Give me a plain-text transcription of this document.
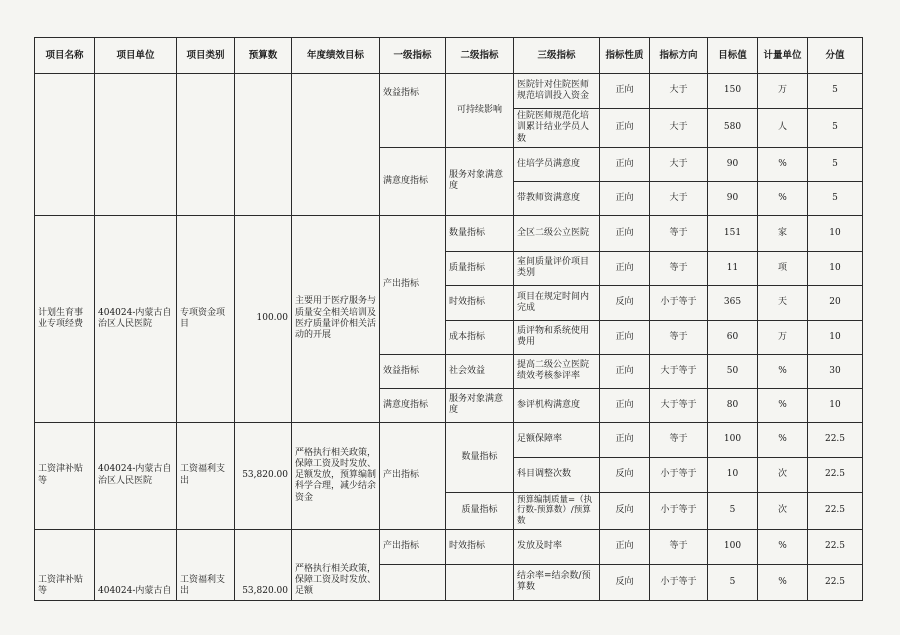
项目名称	项目单位	项目类别	预算数	年度绩效目标	一级指标	二级指标	三级指标	指标性质	指标方向	目标值	计量单位	分值
					效益指标	可持续影响	医院针对住院医师规范培训投入资金	正向	大于	150	万	5
							住院医师规范化培训累计结业学员人数	正向	大于	580	人	5
					满意度指标	服务对象满意度	住培学员满意度	正向	大于	90	%	5
							带教师资满意度	正向	大于	90	%	5
计划生育事业专项经费	404024-内蒙古自治区人民医院	专项资金项目	100.00	主要用于医疗服务与质量安全相关培训及医疗质量评价相关活动的开展	产出指标	数量指标	全区二级公立医院	正向	等于	151	家	10
						质量指标	室间质量评价项目类别	正向	等于	11	项	10
						时效指标	项目在规定时间内完成	反向	小于等于	365	天	20
						成本指标	质评物和系统使用费用	正向	等于	60	万	10
					效益指标	社会效益	提高二级公立医院绩效考核参评率	正向	大于等于	50	%	30
					满意度指标	服务对象满意度	参评机构满意度	正向	大于等于	80	%	10
工资津补贴等	404024-内蒙古自治区人民医院	工资福利支出	53,820.00	严格执行相关政策，保障工资及时发放、足额发放，预算编制科学合理，减少结余资金	产出指标	数量指标	足额保障率	正向	等于	100	%	22.5
							科目调整次数	反向	小于等于	10	次	22.5
						质量指标	预算编制质量=（执行数-预算数）/预算数	反向	小于等于	5	次	22.5
工资津补贴等	404024-内蒙古自	工资福利支出	53,820.00	严格执行相关政策，保障工资及时发放、足额	产出指标	时效指标	发放及时率	正向	等于	100	%	22.5
							结余率=结余数/预算数	反向	小于等于	5	%	22.5
